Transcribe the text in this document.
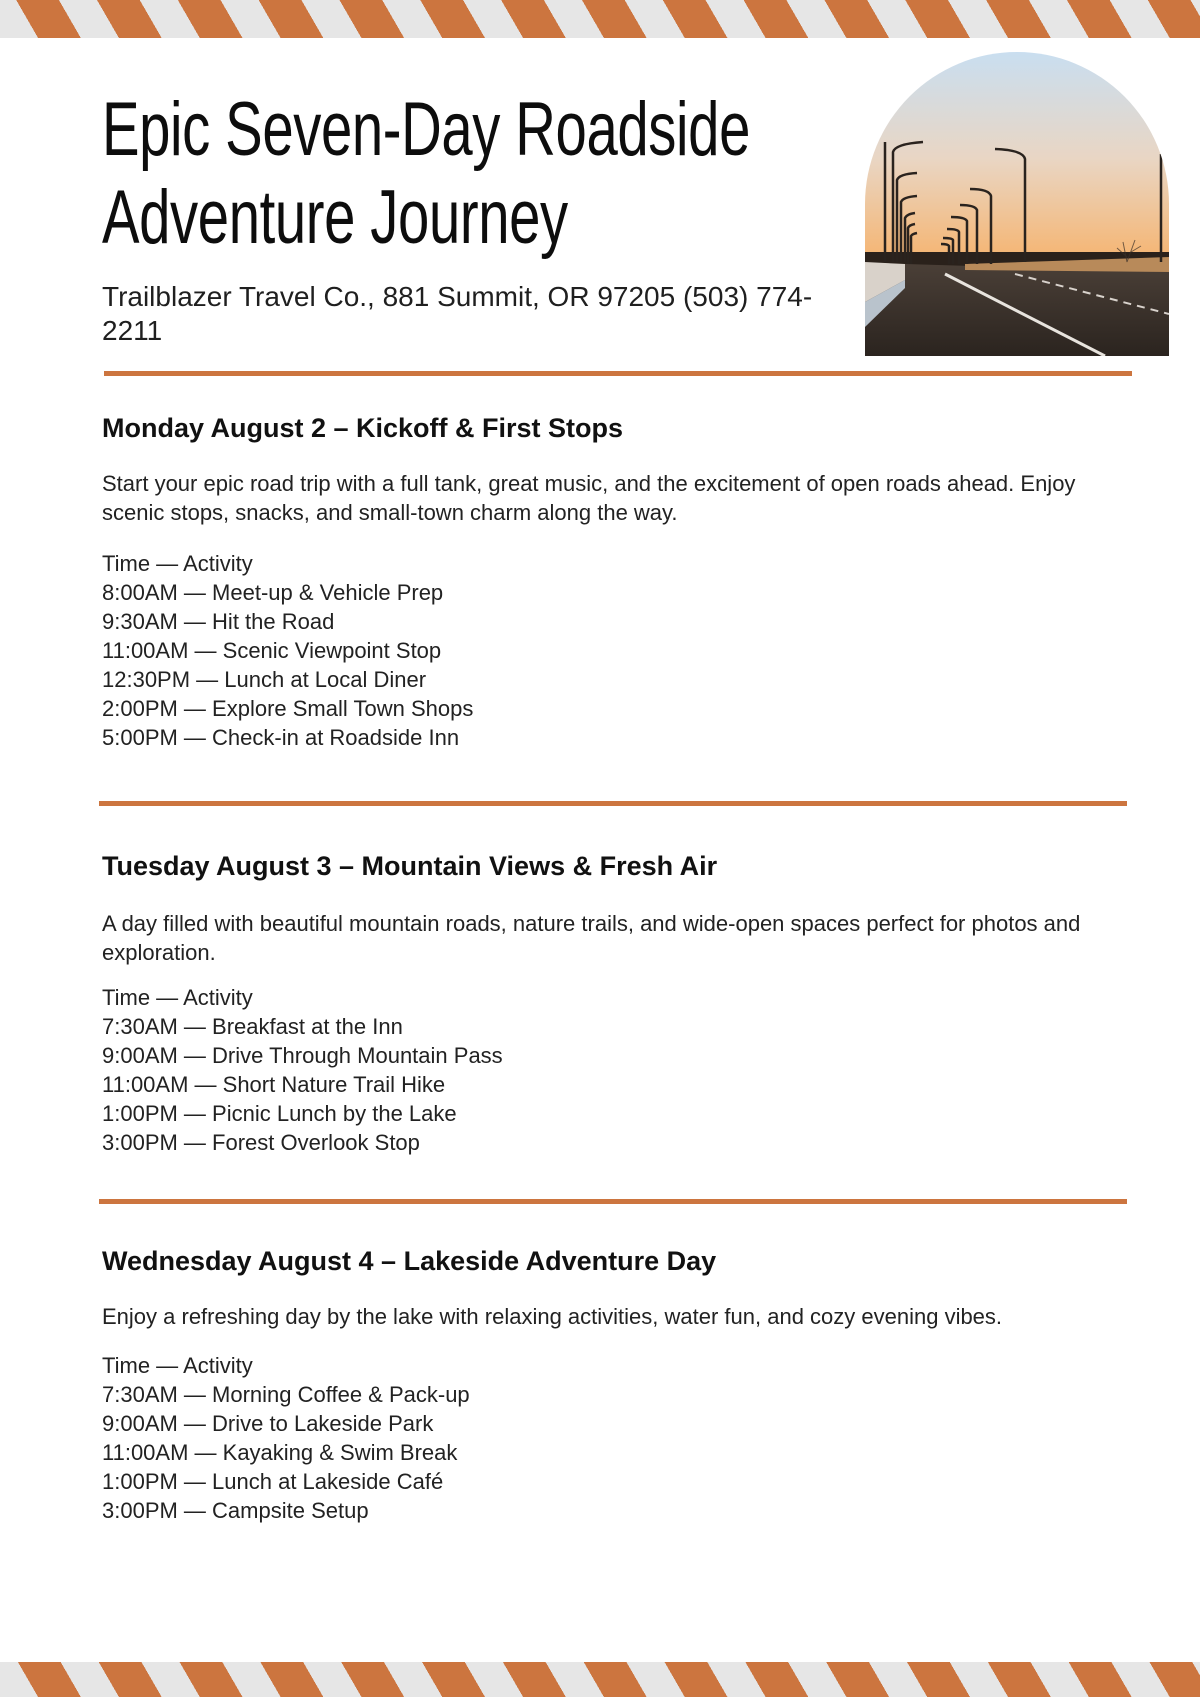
Epic Seven-Day Roadside
Adventure Journey

Trailblazer Travel Co., 881 Summit, OR 97205 (503) 774-2211

Monday August 2 – Kickoff & First Stops

Start your epic road trip with a full tank, great music, and the excitement of open roads ahead. Enjoy scenic stops, snacks, and small-town charm along the way.

Time — Activity
8:00AM — Meet-up & Vehicle Prep
9:30AM — Hit the Road
11:00AM — Scenic Viewpoint Stop
12:30PM — Lunch at Local Diner
2:00PM — Explore Small Town Shops
5:00PM — Check-in at Roadside Inn
Tuesday August 3 – Mountain Views & Fresh Air

A day filled with beautiful mountain roads, nature trails, and wide-open spaces perfect for photos and exploration.

Time — Activity
7:30AM — Breakfast at the Inn
9:00AM — Drive Through Mountain Pass
11:00AM — Short Nature Trail Hike
1:00PM — Picnic Lunch by the Lake
3:00PM — Forest Overlook Stop
Wednesday August 4 – Lakeside Adventure Day

Enjoy a refreshing day by the lake with relaxing activities, water fun, and cozy evening vibes.

Time — Activity
7:30AM — Morning Coffee & Pack-up
9:00AM — Drive to Lakeside Park
11:00AM — Kayaking & Swim Break
1:00PM — Lunch at Lakeside Café
3:00PM — Campsite Setup
